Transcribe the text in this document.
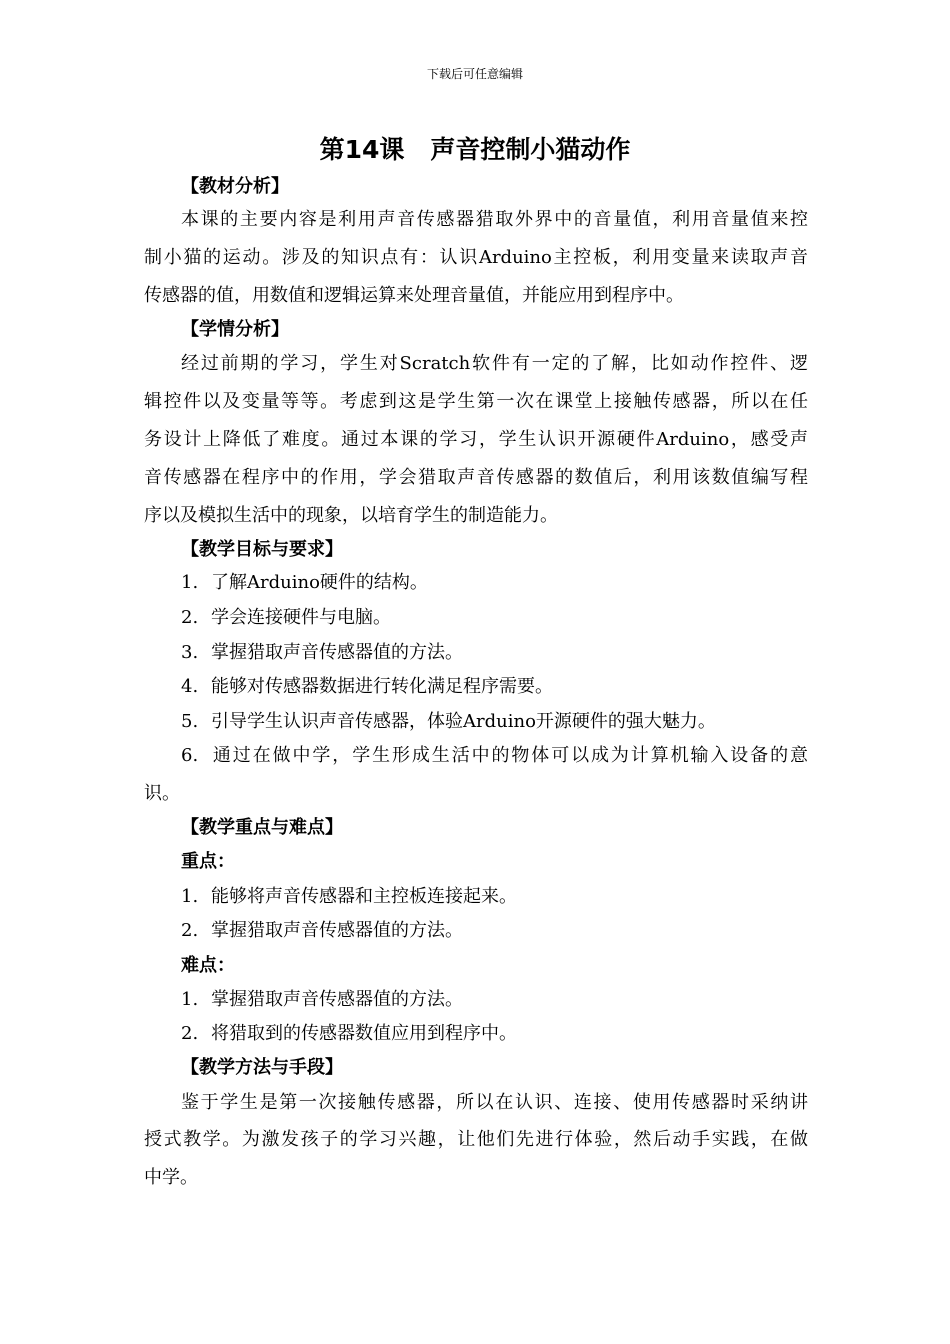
下载后可任意编辑
第14课 声音控制小猫动作
【教材分析】
本课的主要内容是利用声音传感器猎取外界中的音量值，利用音量值来控
制小猫的运动。涉及的知识点有：认识Arduino主控板，利用变量来读取声音
传感器的值，用数值和逻辑运算来处理音量值，并能应用到程序中。
【学情分析】
经过前期的学习，学生对Scratch软件有一定的了解，比如动作控件、逻
辑控件以及变量等等。考虑到这是学生第一次在课堂上接触传感器，所以在任
务设计上降低了难度。通过本课的学习，学生认识开源硬件Arduino，感受声
音传感器在程序中的作用，学会猎取声音传感器的数值后，利用该数值编写程
序以及模拟生活中的现象，以培育学生的制造能力。
【教学目标与要求】
1. 了解Arduino硬件的结构。
2. 学会连接硬件与电脑。
3. 掌握猎取声音传感器值的方法。
4. 能够对传感器数据进行转化满足程序需要。
5. 引导学生认识声音传感器，体验Arduino开源硬件的强大魅力。
6. 通过在做中学，学生形成生活中的物体可以成为计算机输入设备的意
识。
【教学重点与难点】
重点：
1. 能够将声音传感器和主控板连接起来。
2. 掌握猎取声音传感器值的方法。
难点：
1. 掌握猎取声音传感器值的方法。
2. 将猎取到的传感器数值应用到程序中。
【教学方法与手段】
鉴于学生是第一次接触传感器，所以在认识、连接、使用传感器时采纳讲
授式教学。为激发孩子的学习兴趣，让他们先进行体验，然后动手实践，在做
中学。
